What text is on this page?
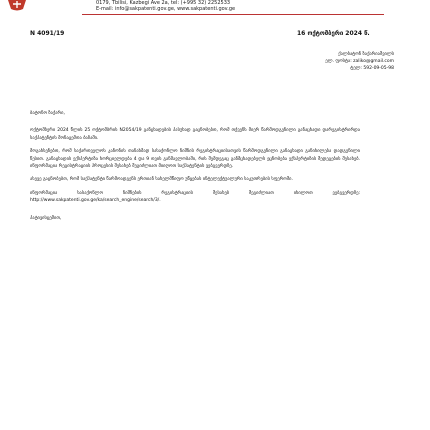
0179, Tbilisi, Kazbegi Ave 2a, tel: (+995 32) 2252533
E-mail: info@sakpatenti.gov.ge, www.sakpatenti.gov.ge
N 4091/19	16 ოქტომბერი 2024 წ.
ქალბატონ ზაქარიაშვილს
ელ. ფოსტა: zaliko@gmail.com
ტელ: 592-09-05-98

ბატონო ზაქარი,

ოქტომბერი 2024 წლის 25 ოქტომბრის N2054/19 განცხადების პასუხად გაცნობებთ, რომ თქვენს მიერ წარმოდგენილი განაცხადი დარეგისტრირდა საქპატენტის მონაცემთა ბაზაში.

მოგახსენებთ, რომ საქართველოს კანონის თანახმად სასაქონლო ნიშნის რეგისტრაციისათვის წარმოდგენილი განაცხადი განიხილება დადგენილი წესით. განაცხადის ექსპერტიზა ხორციელდება 4 და 9 თვის განმავლობაში, რის შემდეგაც განმცხადებელს ეცნობება ექსპერტიზის შედეგების შესახებ. ინფორმაცია რეგისტრაციის პროცესის შესახებ შეგიძლიათ მიიღოთ საქპატენტის ვებგვერდზე.

ასევე გაცნობებთ, რომ საქპატენტი წარმოადგენს ერთიან სახელმწიფო უწყებას ინტელექტუალური საკუთრების სფეროში.

ინფორმაცია სასაქონლო ნიშნების რეგისტრაციის შესახებ შეგიძლიათ იხილოთ ვებგვერდზე: http://www.sakpatenti.gov.ge/ka/search_engine/search/3/.

პატივისცემით,
